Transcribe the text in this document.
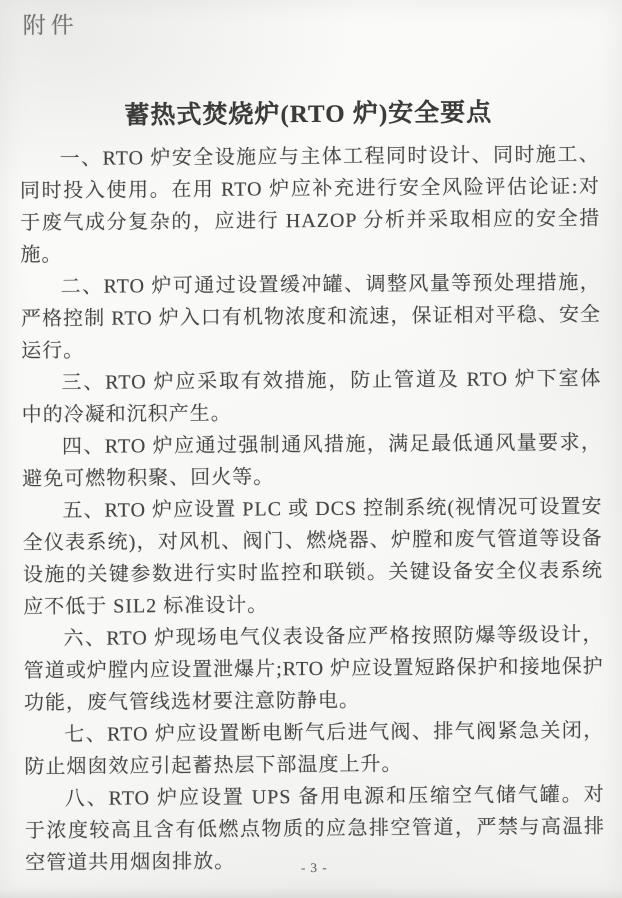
附件
蓄热式焚烧炉(RTO 炉)安全要点

一、RTO 炉安全设施应与主体工程同时设计、同时施工、同时投入使用。在用 RTO 炉应补充进行安全风险评估论证:对于废气成分复杂的，应进行 HAZOP 分析并采取相应的安全措施。

二、RTO 炉可通过设置缓冲罐、调整风量等预处理措施，严格控制 RTO 炉入口有机物浓度和流速，保证相对平稳、安全运行。

三、RTO 炉应采取有效措施，防止管道及 RTO 炉下室体中的冷凝和沉积产生。

四、RTO 炉应通过强制通风措施，满足最低通风量要求，避免可燃物积聚、回火等。

五、RTO 炉应设置 PLC 或 DCS 控制系统(视情况可设置安全仪表系统)，对风机、阀门、燃烧器、炉膛和废气管道等设备设施的关键参数进行实时监控和联锁。关键设备安全仪表系统应不低于 SIL2 标准设计。

六、RTO 炉现场电气仪表设备应严格按照防爆等级设计，管道或炉膛内应设置泄爆片;RTO 炉应设置短路保护和接地保护功能，废气管线选材要注意防静电。

七、RTO 炉应设置断电断气后进气阀、排气阀紧急关闭，防止烟囱效应引起蓄热层下部温度上升。

八、RTO 炉应设置 UPS 备用电源和压缩空气储气罐。对于浓度较高且含有低燃点物质的应急排空管道，严禁与高温排空管道共用烟囱排放。	- 3 -
